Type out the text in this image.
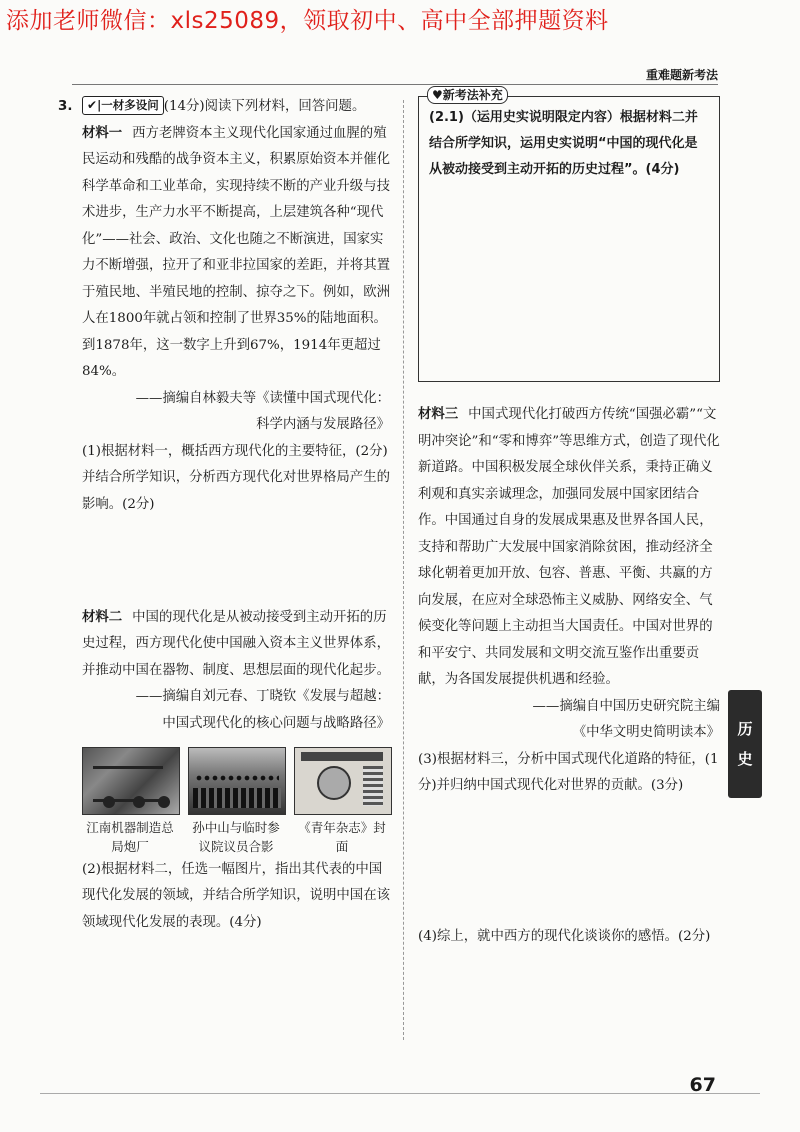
添加老师微信：xls25089，领取初中、高中全部押题资料
重难题新考法
3.	✔|一材多设问 (14分)阅读下列材料，回答问题。

材料一 西方老牌资本主义现代化国家通过血腥的殖民运动和残酷的战争资本主义，积累原始资本并催化科学革命和工业革命，实现持续不断的产业升级与技术进步，生产力水平不断提高，上层建筑各种“现代化”——社会、政治、文化也随之不断演进，国家实力不断增强，拉开了和亚非拉国家的差距，并将其置于殖民地、半殖民地的控制、掠夺之下。例如，欧洲人在1800年就占领和控制了世界35%的陆地面积。到1878年，这一数字上升到67%，1914年更超过84%。

——摘编自林毅夫等《读懂中国式现代化：

科学内涵与发展路径》

(1)根据材料一，概括西方现代化的主要特征，(2分)并结合所学知识，分析西方现代化对世界格局产生的影响。(2分)

材料二 中国的现代化是从被动接受到主动开拓的历史过程，西方现代化使中国融入资本主义世界体系，并推动中国在器物、制度、思想层面的现代化起步。

——摘编自刘元春、丁晓钦《发展与超越：

中国式现代化的核心问题与战略路径》

江南机器制造总局炮厂
孙中山与临时参议院议员合影
《青年杂志》封面

(2)根据材料二，任选一幅图片，指出其代表的中国现代化发展的领域，并结合所学知识，说明中国在该领域现代化发展的表现。(4分)

♥新考法补充

(2.1)（运用史实说明限定内容）根据材料二并结合所学知识，运用史实说明“中国的现代化是从被动接受到主动开拓的历史过程”。(4分)

材料三 中国式现代化打破西方传统“国强必霸”“文明冲突论”和“零和博弈”等思维方式，创造了现代化新道路。中国积极发展全球伙伴关系，秉持正确义利观和真实亲诚理念，加强同发展中国家团结合作。中国通过自身的发展成果惠及世界各国人民，支持和帮助广大发展中国家消除贫困，推动经济全球化朝着更加开放、包容、普惠、平衡、共赢的方向发展，在应对全球恐怖主义威胁、网络安全、气候变化等问题上主动担当大国责任。中国对世界的和平安宁、共同发展和文明交流互鉴作出重要贡献，为各国发展提供机遇和经验。

——摘编自中国历史研究院主编

《中华文明史简明读本》

(3)根据材料三，分析中国式现代化道路的特征，(1分)并归纳中国式现代化对世界的贡献。(3分)

(4)综上，就中西方的现代化谈谈你的感悟。(2分)

历
史
67
